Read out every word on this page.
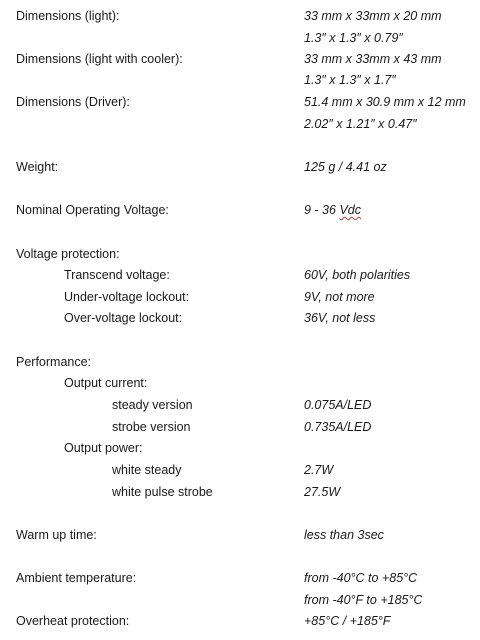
Dimensions (light):	33 mm x 33mm x 20 mm
1.3″ x 1.3″ x 0.79″
Dimensions (light with cooler):	33 mm x 33mm x 43 mm
1.3″ x 1.3″ x 1.7″
Dimensions (Driver):	51.4 mm x 30.9 mm x 12 mm
2.02″ x 1.21″ x 0.47″
Weight:	125 g / 4.41 oz
Nominal Operating Voltage:	9 - 36 Vdc
Voltage protection:
Transcend voltage:	60V, both polarities
Under-voltage lockout:	9V, not more
Over-voltage lockout:	36V, not less
Performance:
Output current:
steady version	0.075A/LED
strobe version	0.735A/LED
Output power:
white steady	2.7W
white pulse strobe	27.5W
Warm up time:	less than 3sec
Ambient temperature:	from -40°C to +85°C
from -40°F to +185°C
Overheat protection:	+85°C / +185°F
